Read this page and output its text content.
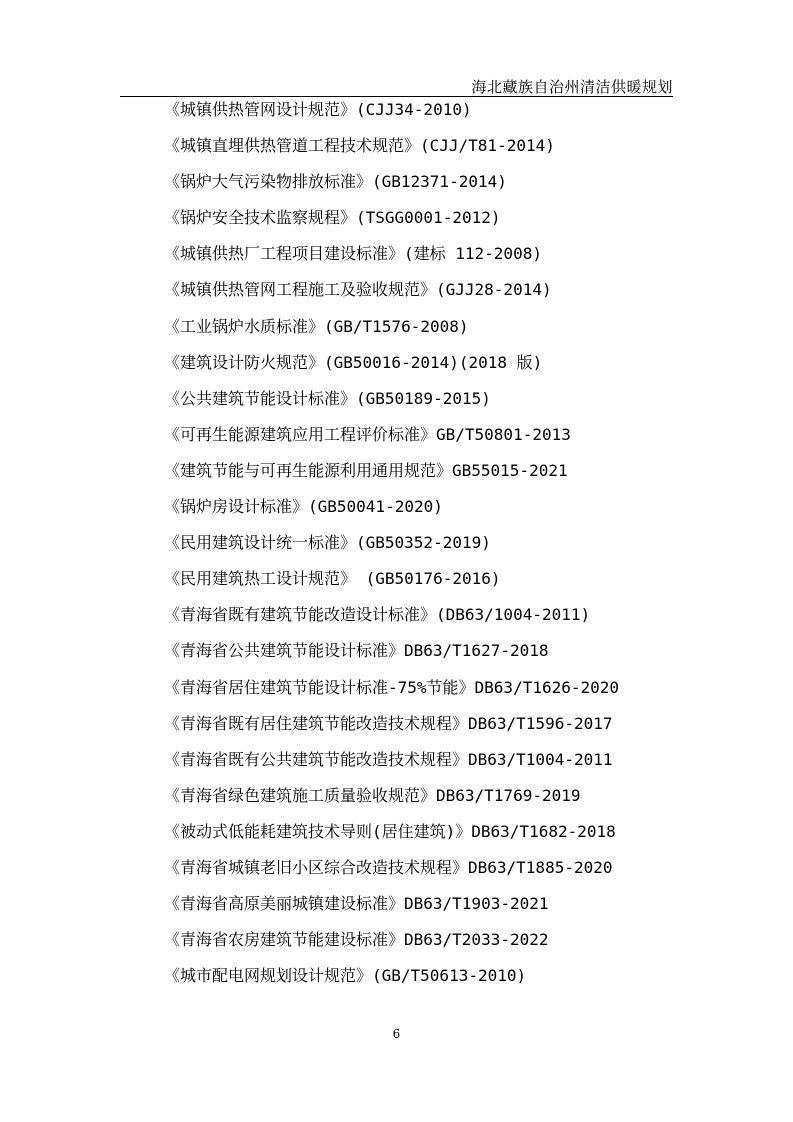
海北藏族自治州清洁供暖规划
《城镇供热管网设计规范》(CJJ34-2010)
《城镇直埋供热管道工程技术规范》(CJJ/T81-2014)
《锅炉大气污染物排放标准》(GB12371-2014)
《锅炉安全技术监察规程》(TSGG0001-2012)
《城镇供热厂工程项目建设标准》(建标 112-2008)
《城镇供热管网工程施工及验收规范》(GJJ28-2014)
《工业锅炉水质标准》(GB/T1576-2008)
《建筑设计防火规范》(GB50016-2014)(2018 版)
《公共建筑节能设计标准》(GB50189-2015)
《可再生能源建筑应用工程评价标准》GB/T50801-2013
《建筑节能与可再生能源利用通用规范》GB55015-2021
《锅炉房设计标准》(GB50041-2020)
《民用建筑设计统一标准》(GB50352-2019)
《民用建筑热工设计规范》 (GB50176-2016)
《青海省既有建筑节能改造设计标准》(DB63/1004-2011)
《青海省公共建筑节能设计标准》DB63/T1627-2018
《青海省居住建筑节能设计标准-75%节能》DB63/T1626-2020
《青海省既有居住建筑节能改造技术规程》DB63/T1596-2017
《青海省既有公共建筑节能改造技术规程》DB63/T1004-2011
《青海省绿色建筑施工质量验收规范》DB63/T1769-2019
《被动式低能耗建筑技术导则(居住建筑)》DB63/T1682-2018
《青海省城镇老旧小区综合改造技术规程》DB63/T1885-2020
《青海省高原美丽城镇建设标准》DB63/T1903-2021
《青海省农房建筑节能建设标准》DB63/T2033-2022
《城市配电网规划设计规范》(GB/T50613-2010)
6
